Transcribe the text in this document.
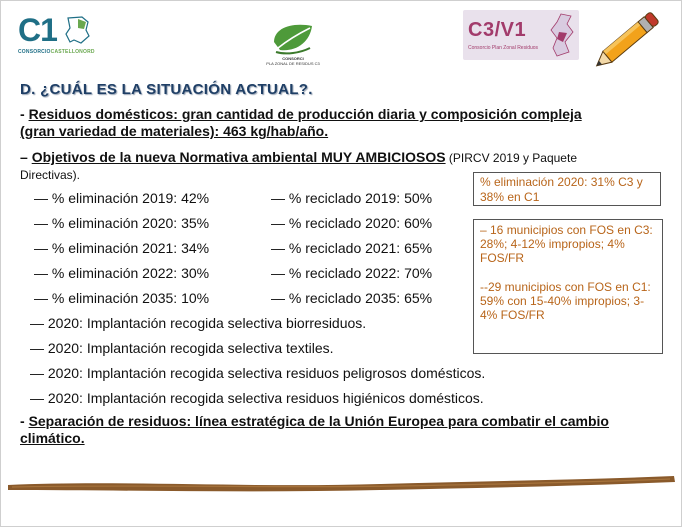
C1
CONSORCIOCASTELLONORD
CONSORCI
PLA ZONAL DE RESIDUS C3
C3/V1
Consorcio Plan Zonal Residuos
D. ¿CUÁL ES LA SITUACIÓN ACTUAL?.
- Residuos domésticos: gran cantidad de producción diaria y composición compleja (gran variedad de materiales): 463 kg/hab/año.
– Objetivos de la nueva Normativa ambiental MUY AMBICIOSOS (PIRCV 2019 y Paquete Directivas).
— % eliminación 2019: 42%	— % reciclado 2019: 50%
— % eliminación 2020: 35%	— % reciclado 2020: 60%
— % eliminación 2021: 34%	— % reciclado 2021: 65%
— % eliminación 2022: 30%	— % reciclado 2022: 70%
— % eliminación 2035: 10%	— % reciclado 2035: 65%
— 2020: Implantación recogida selectiva biorresiduos.
— 2020: Implantación recogida selectiva textiles.
— 2020: Implantación recogida selectiva residuos peligrosos domésticos.
— 2020: Implantación recogida selectiva residuos higiénicos domésticos.
% eliminación 2020: 31% C3 y 38% en C1
– 16 municipios con FOS en C3: 28%; 4-12% impropios; 4% FOS/FR
--29 municipios con FOS en C1: 59% con 15-40% impropios; 3-4% FOS/FR
- Separación de residuos: línea estratégica de la Unión Europea para combatir el cambio climático.
